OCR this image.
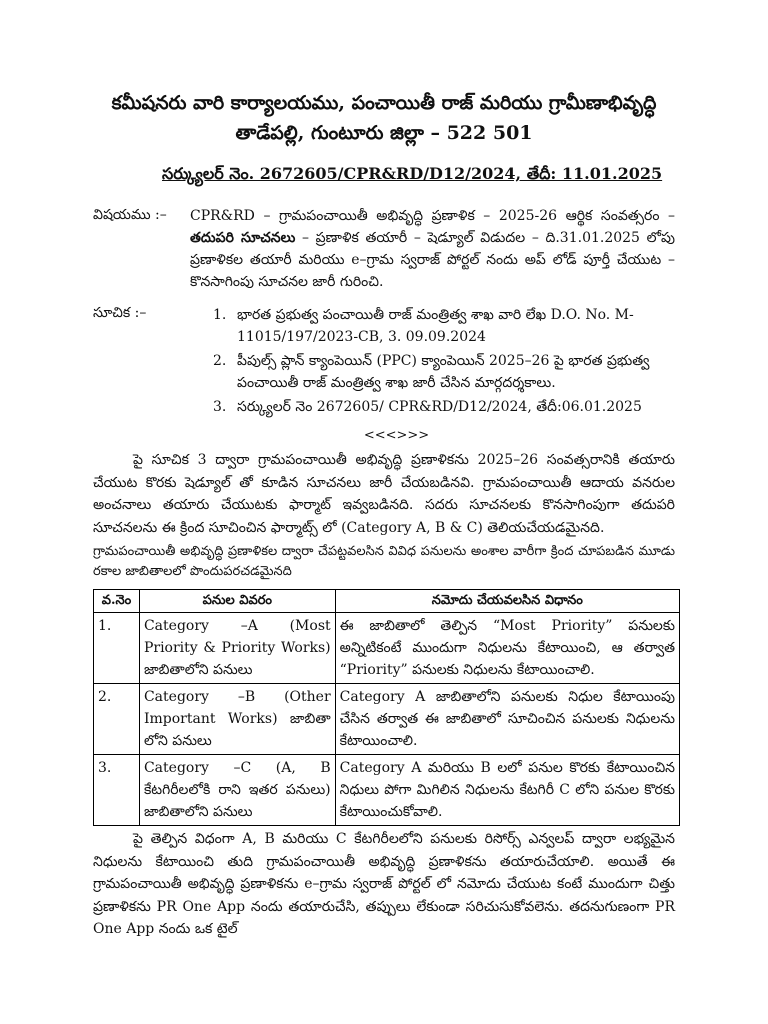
కమీషనరు వారి కార్యాలయము, పంచాయితీ రాజ్ మరియు గ్రామీణాభివృద్ధి
తాడేపల్లి, గుంటూరు జిల్లా – 522 501
సర్క్యులర్ నెం. 2672605/CPR&RD/D12/2024, తేదీ: 11.01.2025
విషయము :– CPR&RD – గ్రామపంచాయితీ అభివృద్ధి ప్రణాళిక – 2025-26 ఆర్థిక సంవత్సరం – తదుపరి సూచనలు – ప్రణాళిక తయారీ – షెడ్యూల్ విడుదల – ది.31.01.2025 లోపు ప్రణాళికల తయారీ మరియు e–గ్రామ స్వరాజ్ పోర్టల్ నందు అప్ లోడ్ పూర్తీ చేయుట – కొనసాగింపు సూచనల జారీ గురించి.
సూచిక :–	1. భారత ప్రభుత్వ పంచాయితీ రాజ్ మంత్రిత్వ శాఖ వారి లేఖ D.O. No. M-11015/197/2023-CB, 3. 09.09.2024
2. పీపుల్స్ ప్లాన్ క్యాంపెయిన్ (PPC) క్యాంపెయిన్ 2025–26 పై భారత ప్రభుత్వ పంచాయితీ రాజ్ మంత్రిత్వ శాఖ జారీ చేసిన మార్గదర్శకాలు.
3. సర్క్యులర్ నెం 2672605/ CPR&RD/D12/2024, తేదీ:06.01.2025
<<<>>>

పై సూచిక 3 ద్వారా గ్రామపంచాయితీ అభివృద్ధి ప్రణాళికను 2025–26 సంవత్సరానికి తయారు చేయుట కొరకు షెడ్యూల్ తో కూడిన సూచనలు జారీ చేయబడినవి. గ్రామపంచాయితీ ఆదాయ వనరుల అంచనాలు తయారు చేయుటకు ఫార్మాట్ ఇవ్వబడినది. సదరు సూచనలకు కొనసాగింపుగా తదుపరి సూచనలను ఈ క్రింద సూచించిన ఫార్మాట్స్ లో (Category A, B & C) తెలియచేయడమైనది.

గ్రామపంచాయితీ అభివృద్ధి ప్రణాళికల ద్వారా చేపట్టవలసిన వివిధ పనులను అంశాల వారీగా క్రింద చూపబడిన మూడు రకాల జాబితాలలో పొందుపరచడమైనది

వ.నెం	పనుల వివరం	నమోదు చేయవలసిన విధానం
1.	Category –A (Most Priority & Priority Works) జాబితాలోని పనులు	ఈ జాబితాలో తెల్పిన “Most Priority” పనులకు అన్నిటికంటే ముందుగా నిధులను కేటాయించి, ఆ తర్వాత “Priority” పనులకు నిధులను కేటాయించాలి.
2.	Category –B (Other Important Works) జాబితా లోని పనులు	Category A జాబితాలోని పనులకు నిధుల కేటాయింపు చేసిన తర్వాత ఈ జాబితాలో సూచించిన పనులకు నిధులను కేటాయించాలి.
3.	Category –C (A, B కేటగిరీలలోకి రాని ఇతర పనులు) జాబితాలోని పనులు	Category A మరియు B లలో పనుల కొరకు కేటాయించిన నిధులు పోగా మిగిలిన నిధులను కేటగిరీ C లోని పనుల కొరకు కేటాయించుకోవాలి.

పై తెల్పిన విధంగా A, B మరియు C కేటగిరీలలోని పనులకు రిసోర్స్ ఎన్వలప్ ద్వారా లభ్యమైన నిధులను కేటాయించి తుది గ్రామపంచాయితీ అభివృద్ధి ప్రణాళికను తయారుచేయాలి. అయితే ఈ గ్రామపంచాయితీ అభివృద్ధి ప్రణాళికను e–గ్రామ స్వరాజ్ పోర్టల్ లో నమోదు చేయుట కంటే ముందుగా చిత్తు ప్రణాళికను PR One App నందు తయారుచేసి, తప్పులు లేకుండా సరిచుసుకోవలెను. తదనుగుణంగా PR One App నందు ఒక టైల్
